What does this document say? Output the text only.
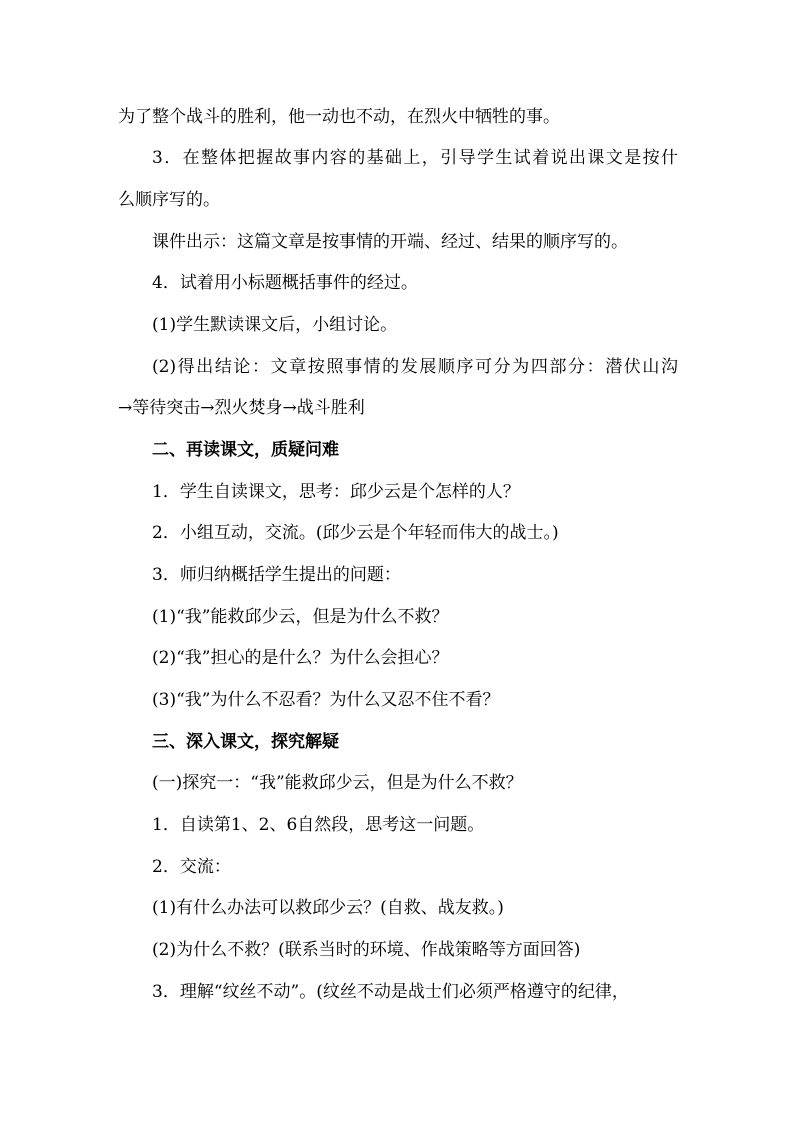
为了整个战斗的胜利，他一动也不动，在烈火中牺牲的事。
3．在整体把握故事内容的基础上，引导学生试着说出课文是按什
么顺序写的。
课件出示：这篇文章是按事情的开端、经过、结果的顺序写的。
4．试着用小标题概括事件的经过。
(1)学生默读课文后，小组讨论。
(2)得出结论：文章按照事情的发展顺序可分为四部分：潜伏山沟
→等待突击→烈火焚身→战斗胜利
二、再读课文，质疑问难
1．学生自读课文，思考：邱少云是个怎样的人？
2．小组互动，交流。(邱少云是个年轻而伟大的战士。)
3．师归纳概括学生提出的问题：
(1)“我”能救邱少云，但是为什么不救？
(2)“我”担心的是什么？为什么会担心？
(3)“我”为什么不忍看？为什么又忍不住不看？
三、深入课文，探究解疑
(一)探究一：“我”能救邱少云，但是为什么不救？
1．自读第1、2、6自然段，思考这一问题。
2．交流：
(1)有什么办法可以救邱少云？(自救、战友救。)
(2)为什么不救？(联系当时的环境、作战策略等方面回答)
3．理解“纹丝不动”。(纹丝不动是战士们必须严格遵守的纪律，
